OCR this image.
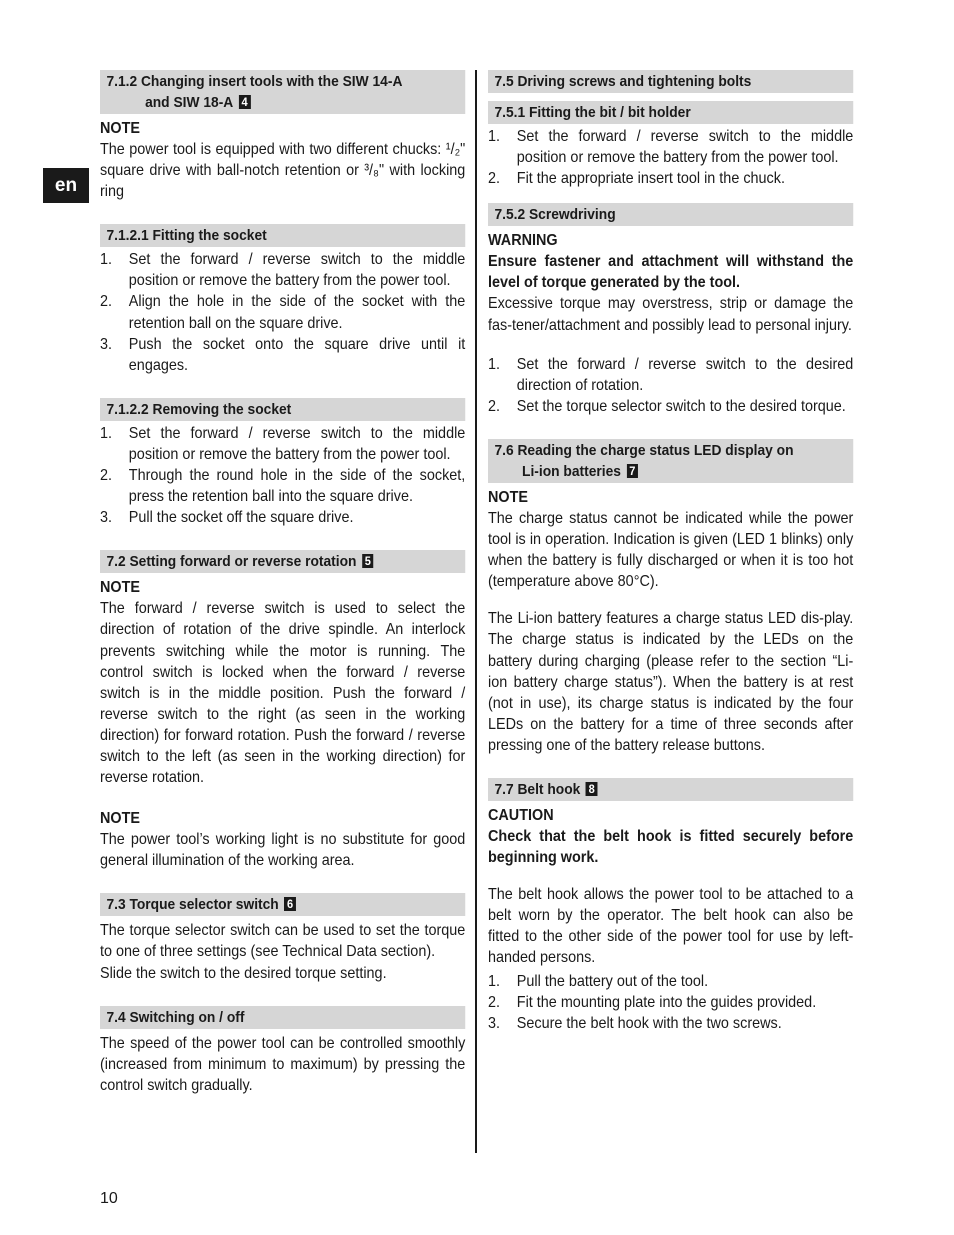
en
7.1.2 Changing insert tools with the SIW 14-A
and SIW 18-A 4
NOTE
The power tool is equipped with two different chucks: ¹/₂" square drive with ball-notch retention or ³/₈" with locking ring
7.1.2.1 Fitting the socket
1. Set the forward / reverse switch to the middle position or remove the battery from the power tool.
2. Align the hole in the side of the socket with the retention ball on the square drive.
3. Push the socket onto the square drive until it engages.
7.1.2.2 Removing the socket
1. Set the forward / reverse switch to the middle position or remove the battery from the power tool.
2. Through the round hole in the side of the socket, press the retention ball into the square drive.
3. Pull the socket off the square drive.
7.2 Setting forward or reverse rotation 5
NOTE
The forward / reverse switch is used to select the direction of rotation of the drive spindle. An interlock prevents switching while the motor is running. The control switch is locked when the forward / reverse switch is in the middle position. Push the forward / reverse switch to the right (as seen in the working direction) for forward rotation. Push the forward / reverse switch to the left (as seen in the working direction) for reverse rotation.
NOTE
The power tool’s working light is no substitute for good general illumination of the working area.
7.3 Torque selector switch 6
The torque selector switch can be used to set the torque to one of three settings (see Technical Data section).
Slide the switch to the desired torque setting.
7.4 Switching on / off
The speed of the power tool can be controlled smoothly (increased from minimum to maximum) by pressing the control switch gradually.
7.5 Driving screws and tightening bolts
7.5.1 Fitting the bit / bit holder
1. Set the forward / reverse switch to the middle position or remove the battery from the power tool.
2. Fit the appropriate insert tool in the chuck.
7.5.2 Screwdriving
WARNING
Ensure fastener and attachment will withstand the level of torque generated by the tool.
Excessive torque may overstress, strip or damage the fas-tener/attachment and possibly lead to personal injury.
1. Set the forward / reverse switch to the desired direction of rotation.
2. Set the torque selector switch to the desired torque.
7.6 Reading the charge status LED display on
Li-ion batteries 7
NOTE
The charge status cannot be indicated while the power tool is in operation. Indication is given (LED 1 blinks) only when the battery is fully discharged or when it is too hot (temperature above 80°C).
The Li-ion battery features a charge status LED dis-play. The charge status is indicated by the LEDs on the battery during charging (please refer to the section “Li-ion battery charge status”). When the battery is at rest (not in use), its charge status is indicated by the four LEDs on the battery for a time of three seconds after pressing one of the battery release buttons.
7.7 Belt hook 8
CAUTION
Check that the belt hook is fitted securely before beginning work.
The belt hook allows the power tool to be attached to a belt worn by the operator. The belt hook can also be fitted to the other side of the power tool for use by left-handed persons.
1. Pull the battery out of the tool.
2. Fit the mounting plate into the guides provided.
3. Secure the belt hook with the two screws.
10
